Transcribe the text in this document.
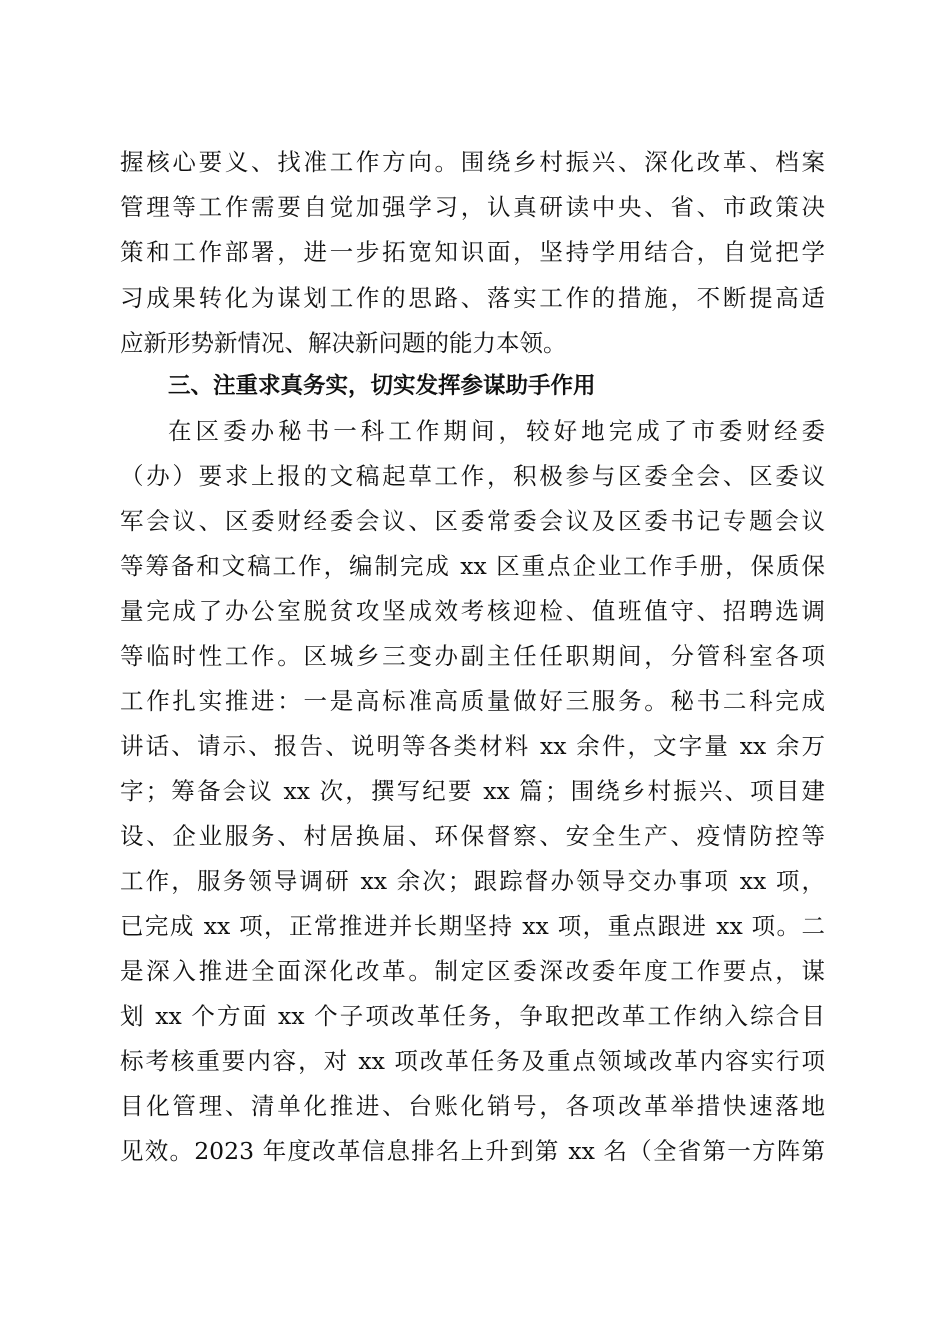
握核心要义、找准工作方向。围绕乡村振兴、深化改革、档案
管理等工作需要自觉加强学习，认真研读中央、省、市政策决
策和工作部署，进一步拓宽知识面，坚持学用结合，自觉把学
习成果转化为谋划工作的思路、落实工作的措施，不断提高适
应新形势新情况、解决新问题的能力本领。
三、注重求真务实，切实发挥参谋助手作用
在区委办秘书一科工作期间，较好地完成了市委财经委
（办）要求上报的文稿起草工作，积极参与区委全会、区委议
军会议、区委财经委会议、区委常委会议及区委书记专题会议
等筹备和文稿工作，编制完成 xx 区重点企业工作手册，保质保
量完成了办公室脱贫攻坚成效考核迎检、值班值守、招聘选调
等临时性工作。区城乡三变办副主任任职期间，分管科室各项
工作扎实推进：一是高标准高质量做好三服务。秘书二科完成
讲话、请示、报告、说明等各类材料 xx 余件，文字量 xx 余万
字；筹备会议 xx 次，撰写纪要 xx 篇；围绕乡村振兴、项目建
设、企业服务、村居换届、环保督察、安全生产、疫情防控等
工作，服务领导调研 xx 余次；跟踪督办领导交办事项 xx 项，
已完成 xx 项，正常推进并长期坚持 xx 项，重点跟进 xx 项。二
是深入推进全面深化改革。制定区委深改委年度工作要点，谋
划 xx 个方面 xx 个子项改革任务，争取把改革工作纳入综合目
标考核重要内容，对 xx 项改革任务及重点领域改革内容实行项
目化管理、清单化推进、台账化销号，各项改革举措快速落地
见效。2023 年度改革信息排名上升到第 xx 名（全省第一方阵第
